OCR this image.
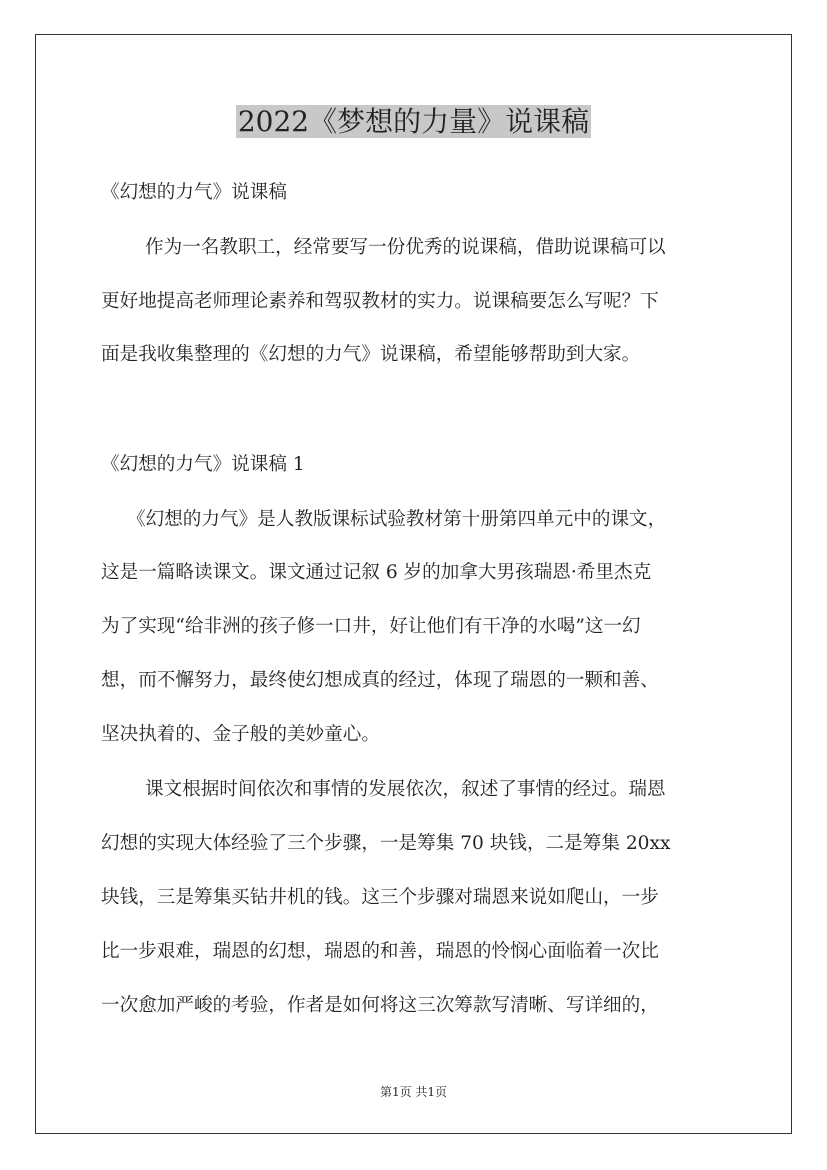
2022《梦想的力量》说课稿

《幻想的力气》说课稿

作为一名教职工，经常要写一份优秀的说课稿，借助说课稿可以

更好地提高老师理论素养和驾驭教材的实力。说课稿要怎么写呢？下

面是我收集整理的《幻想的力气》说课稿，希望能够帮助到大家。

《幻想的力气》说课稿 1

《幻想的力气》是人教版课标试验教材第十册第四单元中的课文，

这是一篇略读课文。课文通过记叙 6 岁的加拿大男孩瑞恩·希里杰克

为了实现“给非洲的孩子修一口井，好让他们有干净的水喝”这一幻

想，而不懈努力，最终使幻想成真的经过，体现了瑞恩的一颗和善、

坚决执着的、金子般的美妙童心。

课文根据时间依次和事情的发展依次，叙述了事情的经过。瑞恩

幻想的实现大体经验了三个步骤，一是筹集 70 块钱，二是筹集 20xx

块钱，三是筹集买钻井机的钱。这三个步骤对瑞恩来说如爬山，一步

比一步艰难，瑞恩的幻想，瑞恩的和善，瑞恩的怜悯心面临着一次比

一次愈加严峻的考验，作者是如何将这三次筹款写清晰、写详细的，

第1页 共1页
